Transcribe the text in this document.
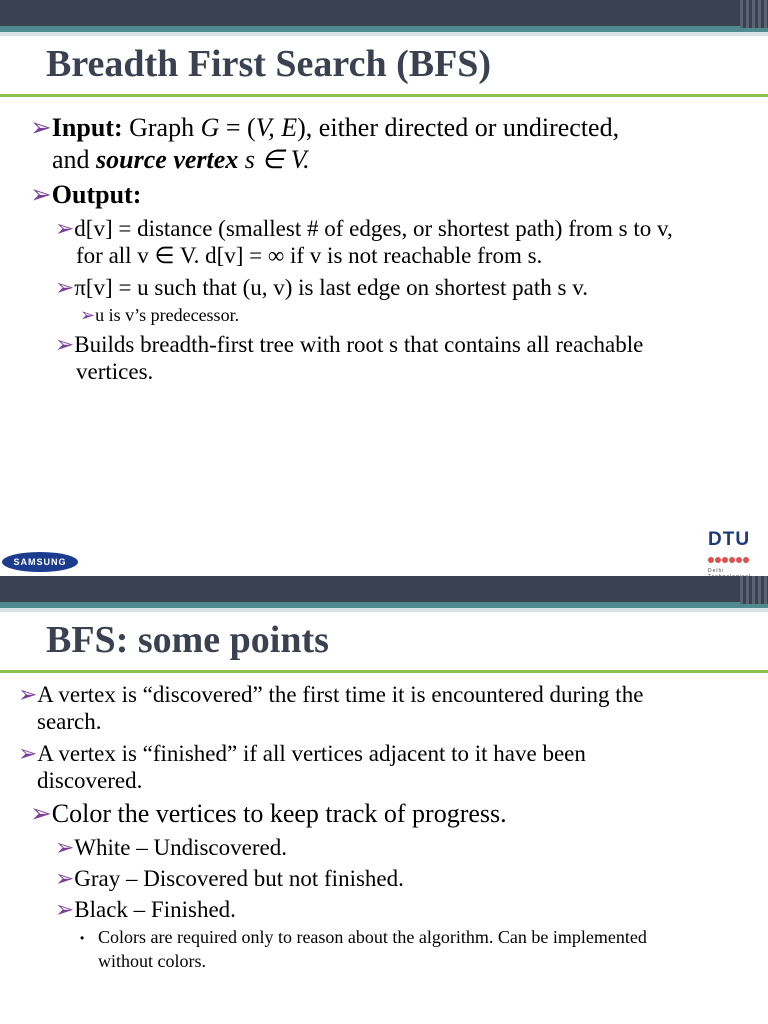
Breadth First Search (BFS)
➢Input: Graph G = (V, E), either directed or undirected,
and source vertex s ∈ V.
➢Output:
➢d[v] = distance (smallest # of edges, or shortest path) from s to v,
for all v ∈ V. d[v] = ∞ if v is not reachable from s.
➢π[v] = u such that (u, v) is last edge on shortest path s v.
➢u is v’s predecessor.
➢Builds breadth-first tree with root s that contains all reachable
vertices.
SAMSUNG
DTU
Delhi
BFS: some points
➢A vertex is “discovered” the first time it is encountered during the
search.
➢A vertex is “finished” if all vertices adjacent to it have been
discovered.
➢Color the vertices to keep track of progress.
➢White – Undiscovered.
➢Gray – Discovered but not finished.
➢Black – Finished.
• Colors are required only to reason about the algorithm. Can be implemented
without colors.
